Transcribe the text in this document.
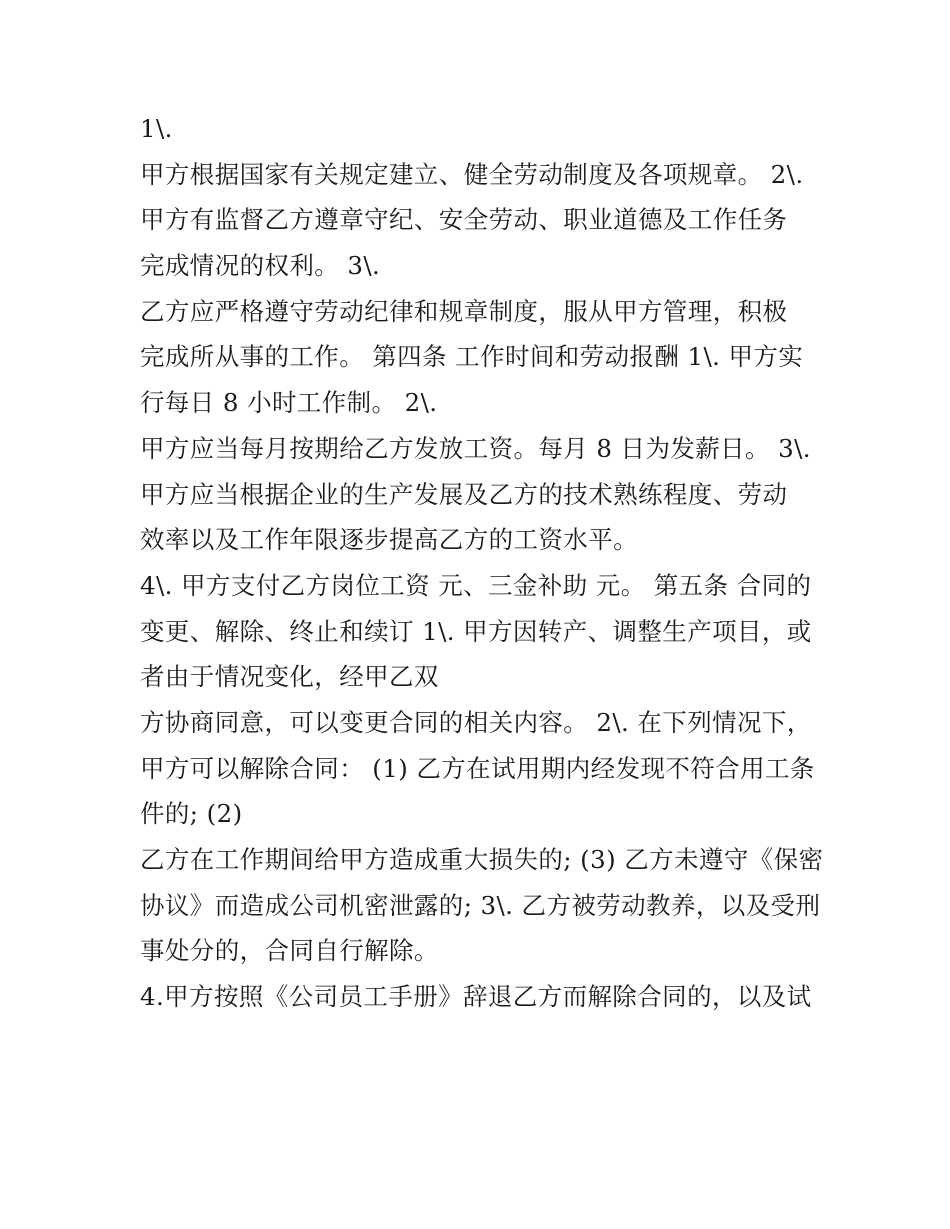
1\.
甲方根据国家有关规定建立、健全劳动制度及各项规章。 2\.
甲方有监督乙方遵章守纪、安全劳动、职业道德及工作任务
完成情况的权利。 3\.
乙方应严格遵守劳动纪律和规章制度，服从甲方管理，积极
完成所从事的工作。 第四条 工作时间和劳动报酬 1\. 甲方实
行每日 8 小时工作制。 2\.
甲方应当每月按期给乙方发放工资。每月 8 日为发薪日。 3\.
甲方应当根据企业的生产发展及乙方的技术熟练程度、劳动
效率以及工作年限逐步提高乙方的工资水平。
4\. 甲方支付乙方岗位工资 元、三金补助 元。 第五条 合同的
变更、解除、终止和续订 1\. 甲方因转产、调整生产项目，或
者由于情况变化，经甲乙双
方协商同意，可以变更合同的相关内容。 2\. 在下列情况下，
甲方可以解除合同： (1) 乙方在试用期内经发现不符合用工条
件的; (2)
乙方在工作期间给甲方造成重大损失的; (3) 乙方未遵守《保密
协议》而造成公司机密泄露的; 3\. 乙方被劳动教养，以及受刑
事处分的，合同自行解除。
4.甲方按照《公司员工手册》辞退乙方而解除合同的，以及试
